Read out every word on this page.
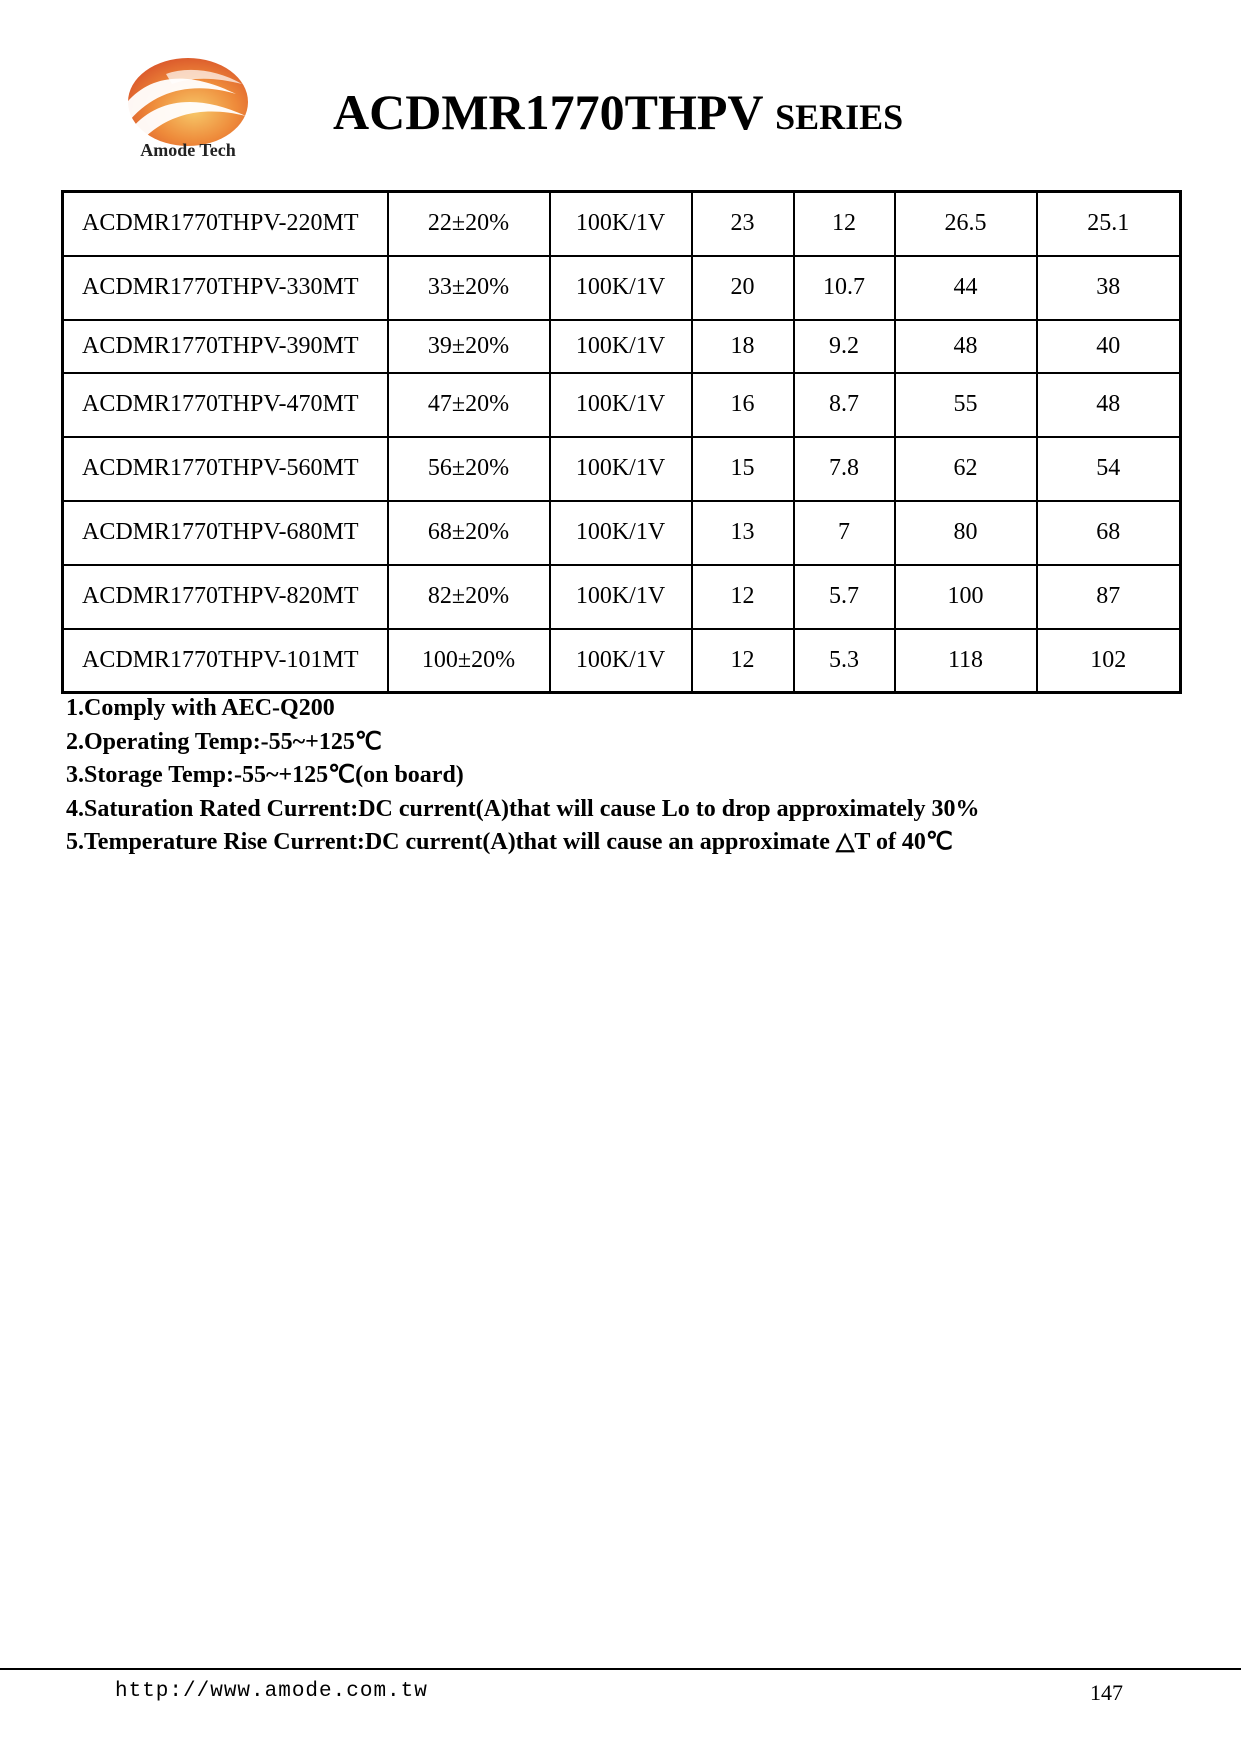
Amode Tech
ACDMR1770THPV SERIES
ACDMR1770THPV-220MT	22±20%	100K/1V	23	12	26.5	25.1
ACDMR1770THPV-330MT	33±20%	100K/1V	20	10.7	44	38
ACDMR1770THPV-390MT	39±20%	100K/1V	18	9.2	48	40
ACDMR1770THPV-470MT	47±20%	100K/1V	16	8.7	55	48
ACDMR1770THPV-560MT	56±20%	100K/1V	15	7.8	62	54
ACDMR1770THPV-680MT	68±20%	100K/1V	13	7	80	68
ACDMR1770THPV-820MT	82±20%	100K/1V	12	5.7	100	87
ACDMR1770THPV-101MT	100±20%	100K/1V	12	5.3	118	102
1.Comply with AEC-Q200
2.Operating Temp:-55~+125℃
3.Storage Temp:-55~+125℃(on board)
4.Saturation Rated Current:DC current(A)that will cause Lo to drop approximately 30%
5.Temperature Rise Current:DC current(A)that will cause an approximate △T of 40℃
http://www.amode.com.tw	147
